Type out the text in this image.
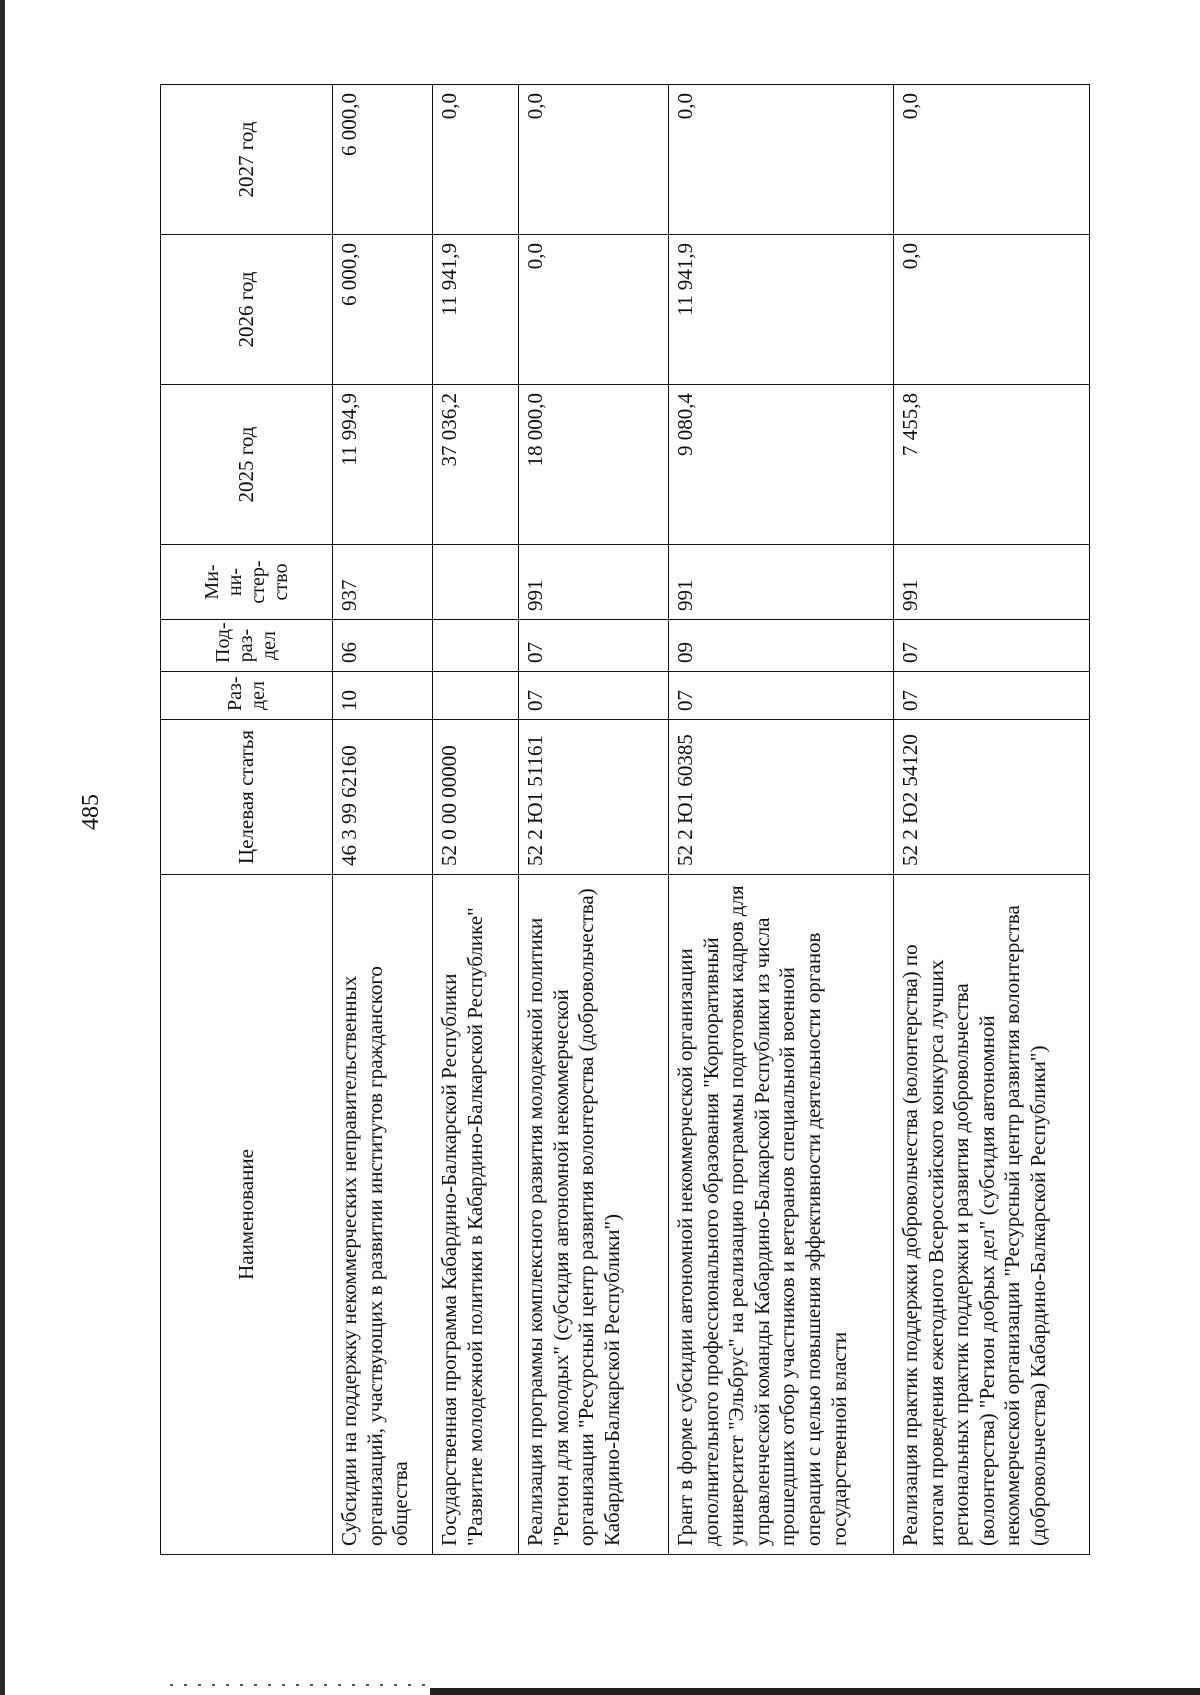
485
Наименование	Целевая статья	Раз-дел	Под-раз-дел	Ми-ни-стер-ство	2025 год	2026 год	2027 год
Субсидии на поддержку некоммерческих неправительственных организаций, участвующих в развитии институтов гражданского общества	46 3 99 62160	10	06	937	11 994,9	6 000,0	6 000,0
Государственная программа Кабардино-Балкарской Республики "Развитие молодежной политики в Кабардино-Балкарской Республике"	52 0 00 00000				37 036,2	11 941,9	0,0
Реализация программы комплексного развития молодежной политики "Регион для молодых" (субсидия автономной некоммерческой организации "Ресурсный центр развития волонтерства (добровольчества) Кабардино-Балкарской Республики")	52 2 Ю1 51161	07	07	991	18 000,0	0,0	0,0
Грант в форме субсидии автономной некоммерческой организации дополнительного профессионального образования "Корпоративный университет "Эльбрус" на реализацию программы подготовки кадров для управленческой команды Кабардино-Балкарской Республики из числа прошедших отбор участников и ветеранов специальной военной операции с целью повышения эффективности деятельности органов государственной власти	52 2 Ю1 60385	07	09	991	9 080,4	11 941,9	0,0
Реализация практик поддержки добровольчества (волонтерства) по итогам проведения ежегодного Всероссийского конкурса лучших региональных практик поддержки и развития добровольчества (волонтерства) "Регион добрых дел" (субсидия автономной некоммерческой организации "Ресурсный центр развития волонтерства (добровольчества) Кабардино-Балкарской Республики")	52 2 Ю2 54120	07	07	991	7 455,8	0,0	0,0
